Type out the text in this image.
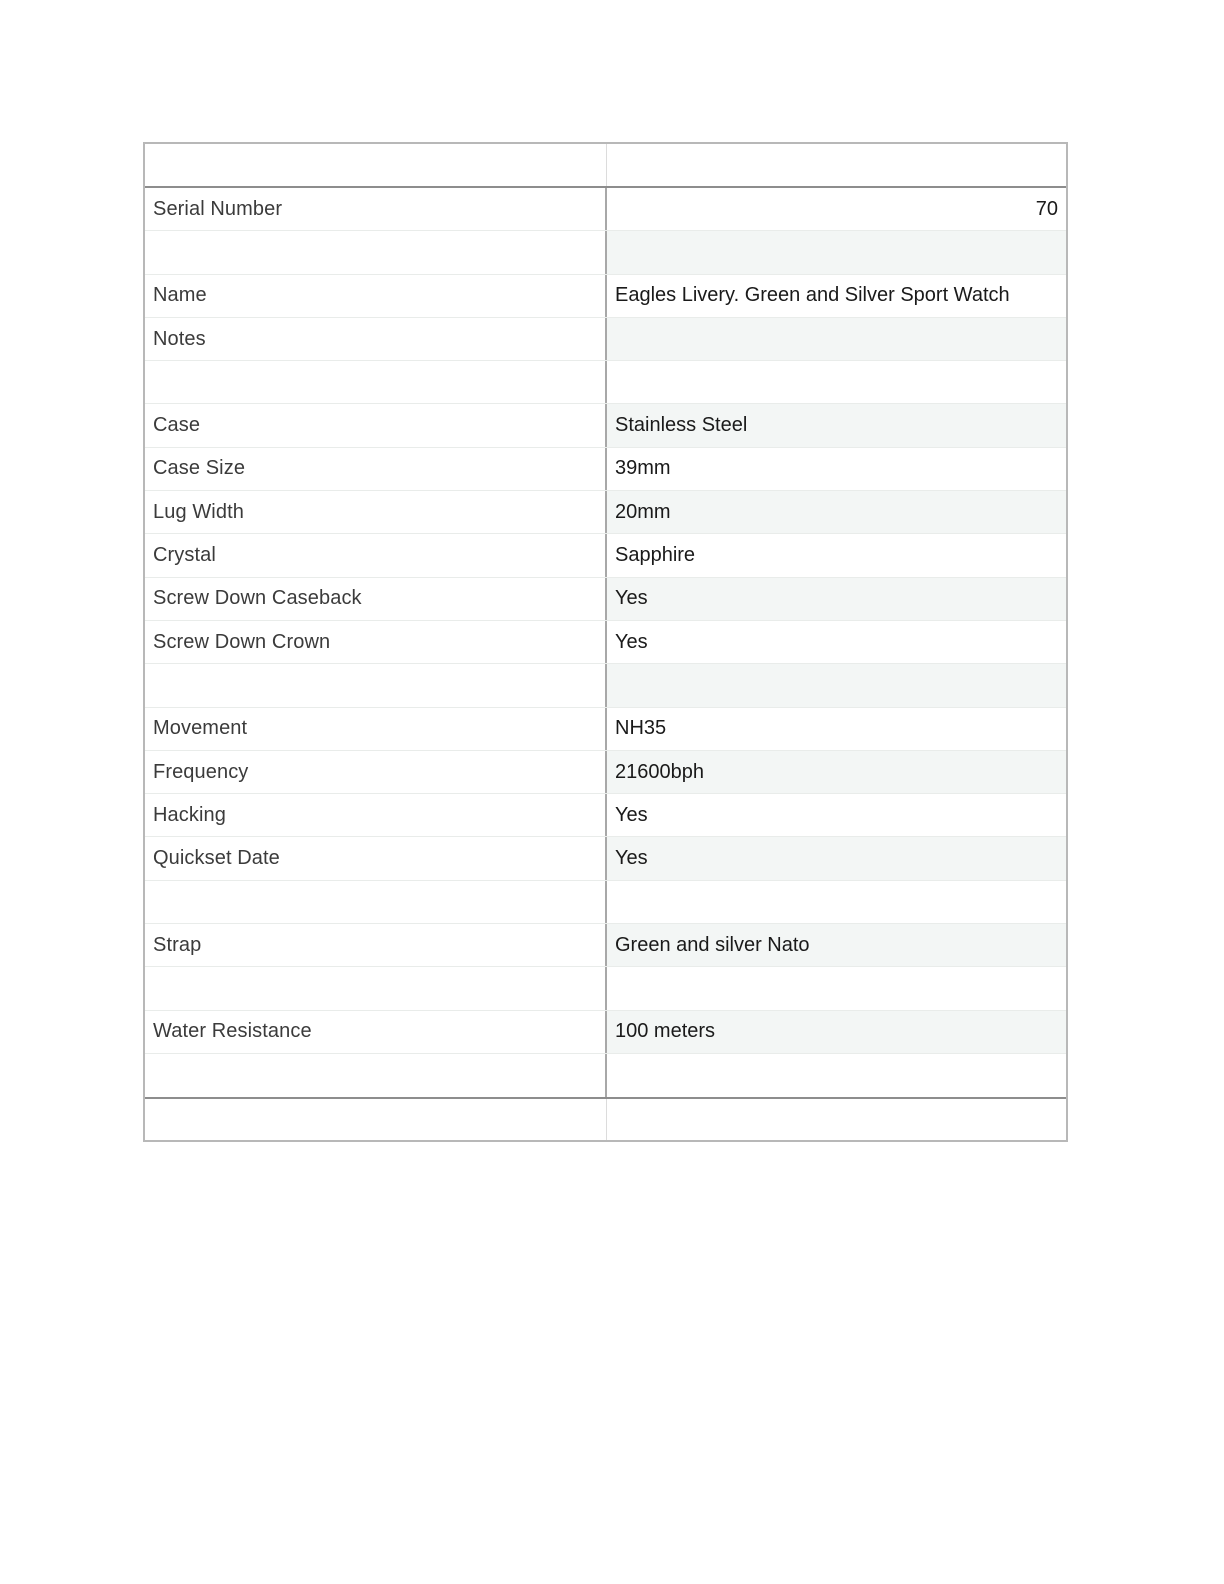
Serial Number	70
Name	Eagles Livery. Green and Silver Sport Watch
Notes
Case	Stainless Steel
Case Size	39mm
Lug Width	20mm
Crystal	Sapphire
Screw Down Caseback	Yes
Screw Down Crown	Yes
Movement	NH35
Frequency	21600bph
Hacking	Yes
Quickset Date	Yes
Strap	Green and silver Nato
Water Resistance	100 meters
